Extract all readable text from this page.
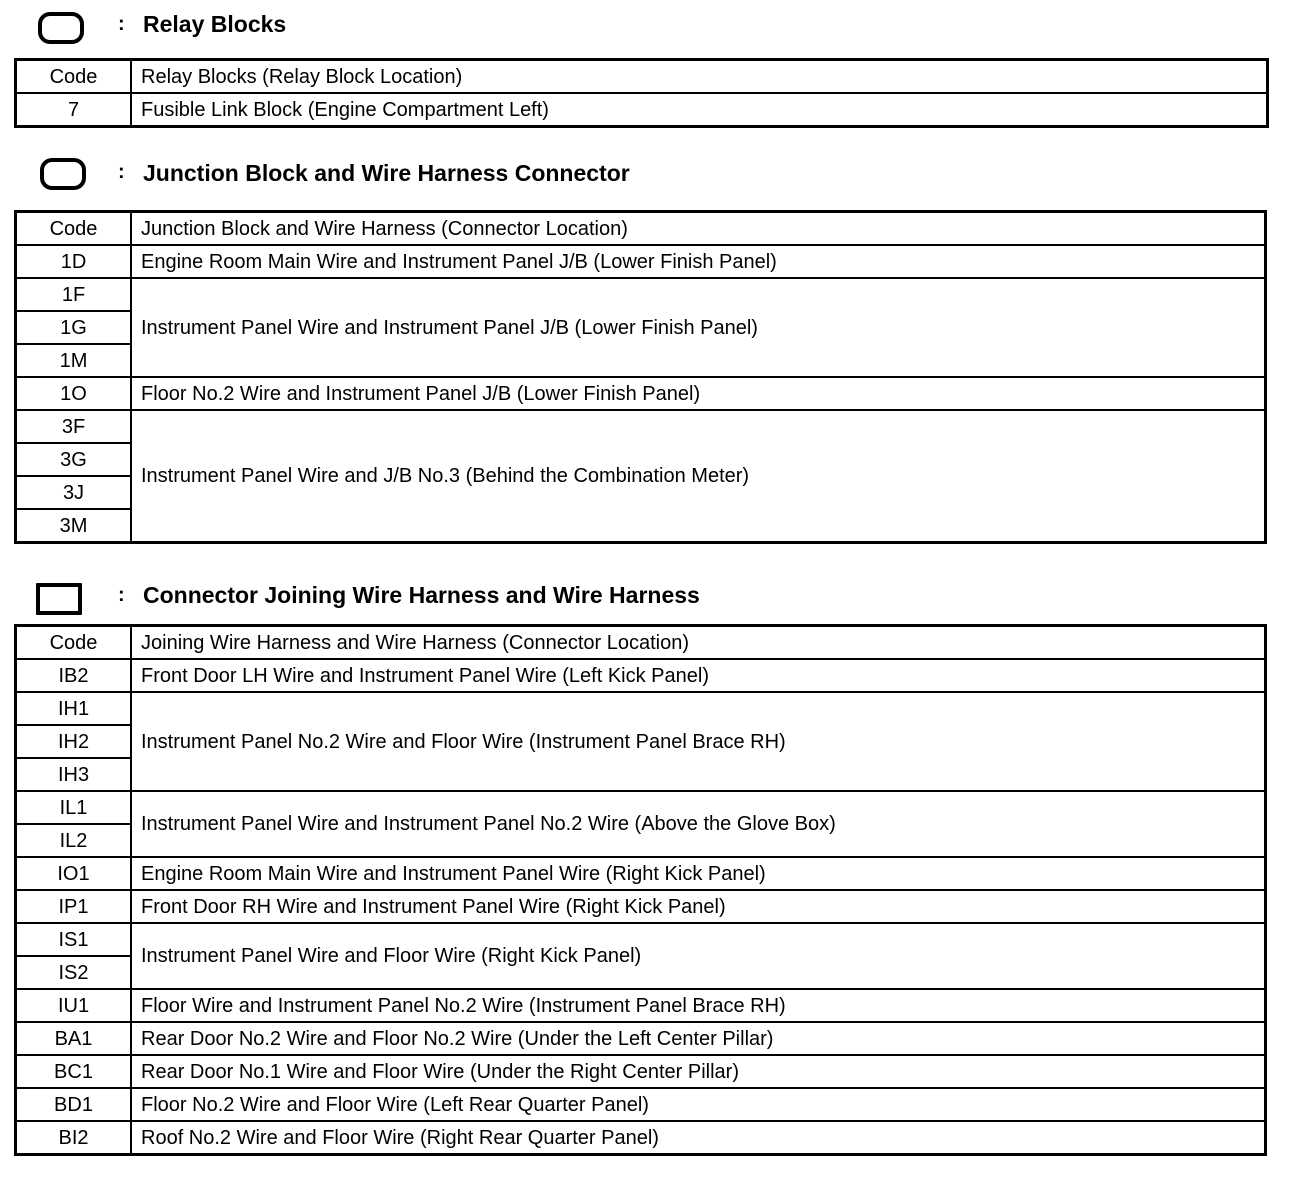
: Relay Blocks
Code	Relay Blocks (Relay Block Location)
7	Fusible Link Block (Engine Compartment Left)
: Junction Block and Wire Harness Connector
Code	Junction Block and Wire Harness (Connector Location)
1D	Engine Room Main Wire and Instrument Panel J/B (Lower Finish Panel)
1F	Instrument Panel Wire and Instrument Panel J/B (Lower Finish Panel)
1G	
1M	
1O	Floor No.2 Wire and Instrument Panel J/B (Lower Finish Panel)
3F	Instrument Panel Wire and J/B No.3 (Behind the Combination Meter)
3G	
3J	
3M	
: Connector Joining Wire Harness and Wire Harness
Code	Joining Wire Harness and Wire Harness (Connector Location)
IB2	Front Door LH Wire and Instrument Panel Wire (Left Kick Panel)
IH1	Instrument Panel No.2 Wire and Floor Wire (Instrument Panel Brace RH)
IH2	
IH3	
IL1	Instrument Panel Wire and Instrument Panel No.2 Wire (Above the Glove Box)
IL2	
IO1	Engine Room Main Wire and Instrument Panel Wire (Right Kick Panel)
IP1	Front Door RH Wire and Instrument Panel Wire (Right Kick Panel)
IS1	Instrument Panel Wire and Floor Wire (Right Kick Panel)
IS2	
IU1	Floor Wire and Instrument Panel No.2 Wire (Instrument Panel Brace RH)
BA1	Rear Door No.2 Wire and Floor No.2 Wire (Under the Left Center Pillar)
BC1	Rear Door No.1 Wire and Floor Wire (Under the Right Center Pillar)
BD1	Floor No.2 Wire and Floor Wire (Left Rear Quarter Panel)
BI2	Roof No.2 Wire and Floor Wire (Right Rear Quarter Panel)
